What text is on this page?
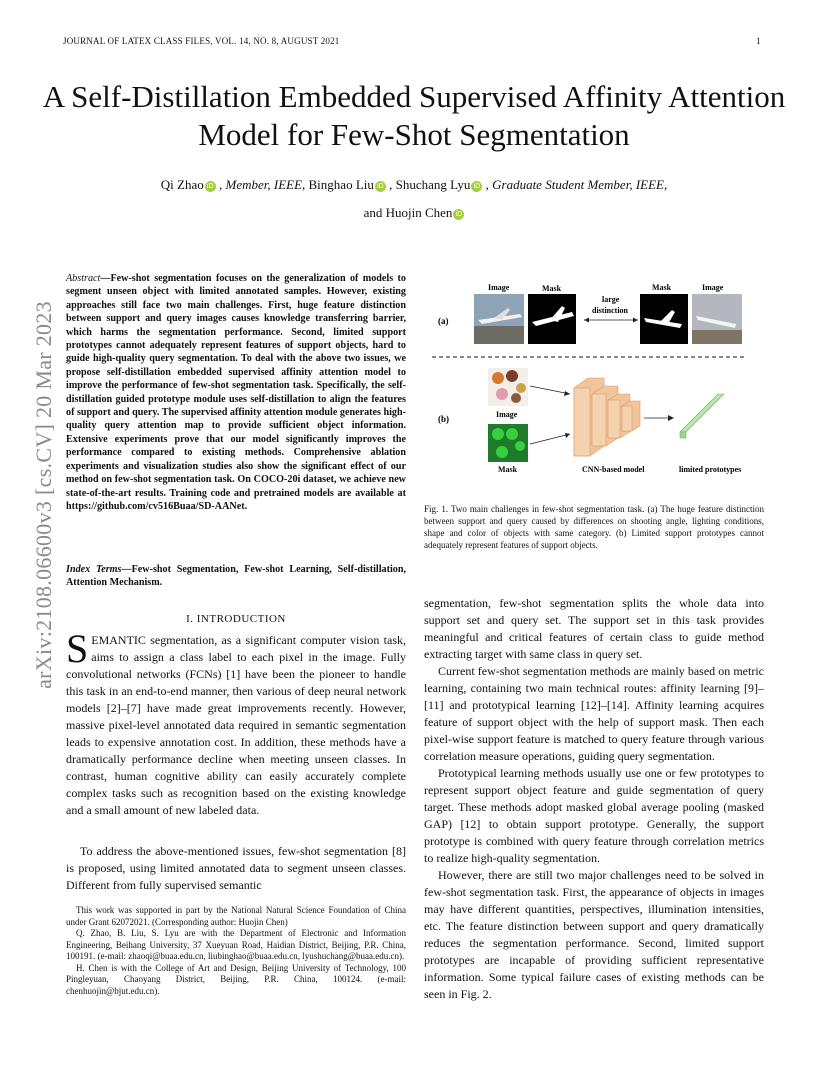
JOURNAL OF LATEX CLASS FILES, VOL. 14, NO. 8, AUGUST 2021	1
A Self-Distillation Embedded Supervised Affinity Attention Model for Few-Shot Segmentation
Qi Zhao iD , Member, IEEE, Binghao Liu iD , Shuchang Lyu iD , Graduate Student Member, IEEE,
and Huojin Chen iD
arXiv:2108.06600v3 [cs.CV] 20 Mar 2023
Abstract—Few-shot segmentation focuses on the generalization of models to segment unseen object with limited annotated samples. However, existing approaches still face two main challenges. First, huge feature distinction between support and query images causes knowledge transferring barrier, which harms the segmentation performance. Second, limited support prototypes cannot adequately represent features of support objects, hard to guide high-quality query segmentation. To deal with the above two issues, we propose self-distillation embedded supervised affinity attention model to improve the performance of few-shot segmentation task. Specifically, the self-distillation guided prototype module uses self-distillation to align the features of support and query. The supervised affinity attention module generates high-quality query attention map to provide sufficient object information. Extensive experiments prove that our model significantly improves the performance compared to existing methods. Comprehensive ablation experiments and visualization studies also show the significant effect of our method on few-shot segmentation task. On COCO-20i dataset, we achieve new state-of-the-art results. Training code and pretrained models are available at https://github.com/cv516Buaa/SD-AANet.
Index Terms—Few-shot Segmentation, Few-shot Learning, Self-distillation, Attention Mechanism.
I. INTRODUCTION
SEMANTIC segmentation, as a significant computer vision task, aims to assign a class label to each pixel in the image. Fully convolutional networks (FCNs) [1] have been the pioneer to handle this task in an end-to-end manner, then various of deep neural network models [2]–[7] have made great improvements recently. However, massive pixel-level annotated data required in semantic segmentation leads to expensive annotation cost. In addition, these methods have a dramatically performance decline when meeting unseen classes. In contrast, human cognitive ability can easily accurately complete complex tasks such as recognition based on the existing knowledge and a small amount of new labeled data.
To address the above-mentioned issues, few-shot segmentation [8] is proposed, using limited annotated data to segment unseen classes. Different from fully supervised semantic

This work was supported in part by the National Natural Science Foundation of China under Grant 62072021. (Corresponding author: Huojin Chen)

Q. Zhao, B. Liu, S. Lyu are with the Department of Electronic and Information Engineering, Beihang University, 37 Xueyuan Road, Haidian District, Beijing, P.R. China, 100191. (e-mail: zhaoqi@buaa.edu.cn, liubinghao@buaa.edu.cn, lyushuchang@buaa.edu.cn).

H. Chen is with the College of Art and Design, Beijing University of Technology, 100 Pingleyuan, Chaoyang District, Beijing, P.R. China, 100124. (e-mail: chenhuojin@bjut.edu.cn).

(a)
Image	Mask	Mask	Image
large
distinction
(b)	Image
Mask	CNN-based model	limited prototypes
Fig. 1. Two main challenges in few-shot segmentation task. (a) The huge feature distinction between support and query caused by differences on shooting angle, lighting conditions, shape and color of objects with same category. (b) Limited support prototypes cannot adequately represent features of support objects.

segmentation, few-shot segmentation splits the whole data into support set and query set. The support set in this task provides meaningful and critical features of certain class to guide method extracting target with same class in query set.

Current few-shot segmentation methods are mainly based on metric learning, containing two main technical routes: affinity learning [9]–[11] and prototypical learning [12]–[14]. Affinity learning acquires feature of support object with the help of support mask. Then each pixel-wise support feature is matched to query feature through various correlation measure operations, guiding query segmentation.

Prototypical learning methods usually use one or few prototypes to represent support object feature and guide segmentation of query target. These methods adopt masked global average pooling (masked GAP) [12] to obtain support prototype. Generally, the support prototype is combined with query feature through correlation metrics to realize high-quality segmentation.

However, there are still two major challenges need to be solved in few-shot segmentation task. First, the appearance of objects in images may have different quantities, perspectives, illumination intensities, etc. The feature distinction between support and query dramatically reduces the segmentation performance. Second, limited support prototypes are incapable of providing sufficient representative information. Some typical failure cases of existing methods can be seen in Fig. 2.
